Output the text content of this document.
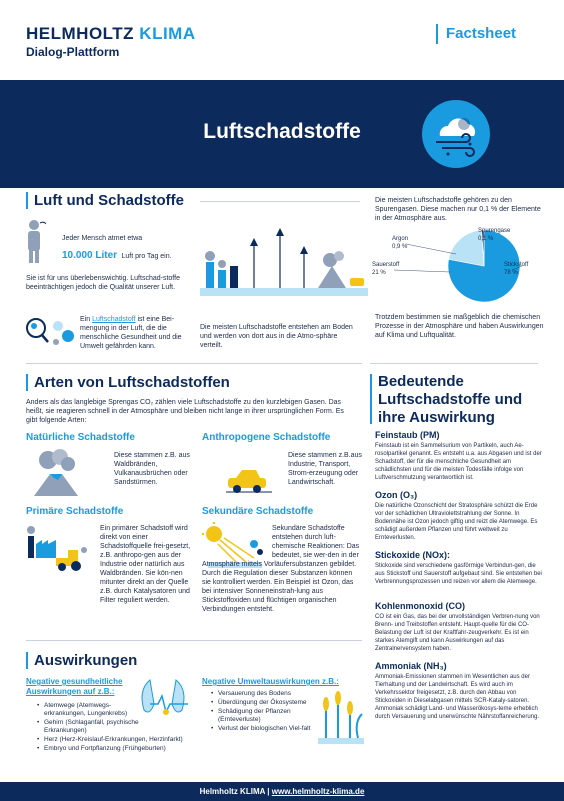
HELMHOLTZ KLIMA
Dialog-Plattform
Factsheet
Luftschadstoffe
Luft und Schadstoffe
Jeder Mensch atmet etwa
10.000 Liter Luft pro Tag ein.
Sie ist für uns überlebenswichtig. Luftschad-stoffe beeinträchtigen jedoch die Qualität unserer Luft.
Ein Luftschadstoff ist eine Bei-mengung in der Luft, die die menschliche Gesundheit und die Umwelt gefährden kann.
Die meisten Luftschadstoffe entstehen am Boden und werden von dort aus in die Atmo-sphäre verteilt.
Die meisten Luftschadstoffe gehören zu den Spurengasen. Diese machen nur 0,1 % der Elemente in der Atmosphäre aus.
Stickstoff
78 %
Sauerstoff
21 %
Argon
0,9 %
Spurengase
0,1 %
Trotzdem bestimmen sie maßgeblich die chemischen Prozesse in der Atmosphäre und haben Auswirkungen auf Klima und Luftqualität.
Arten von Luftschadstoffen
Anders als das langlebige Sprengas CO₂ zählen viele Luftschadstoffe zu den kurzlebigen Gasen. Das heißt, sie reagieren schnell in der Atmosphäre und bleiben nicht lange in ihrer ursprünglichen Form. Es gibt folgende Arten:
Natürliche Schadstoffe
Diese stammen z.B. aus Waldbränden, Vulkanausbrüchen oder Sandstürmen.
Anthropogene Schadstoffe
Diese stammen z.B.aus Industrie, Transport, Strom-erzeugung oder Landwirtschaft.
Primäre Schadstoffe
Ein primärer Schadstoff wird direkt von einer Schadstoffquelle frei-gesetzt, z.B. anthropo-gen aus der Industrie oder natürlich aus Waldbränden. Sie kön-nen mitunter direkt an der Quelle z.B. durch Katalysatoren und Filter reguliert werden.
Sekundäre Schadstoffe
Sekundäre Schadstoffe entstehen durch luft-chemische Reaktionen: Das bedeutet, sie wer-den in der
Atmosphäre mittels Vorläufersubstanzen gebildet. Durch die Regulation dieser Substanzen können sie kontrolliert werden. Ein Beispiel ist Ozon, das bei intensiver Sonneneinstrah-lung aus Stickstoffoxiden und flüchtigen organischen Verbindungen entsteht.
Auswirkungen
Negative gesundheitliche
Auswirkungen auf z.B.:
• Atemwege (Atemwegs-erkrankungen, Lungenkrebs)
• Gehirn (Schlaganfall, psychische Erkrankungen)
• Herz (Herz-Kreislauf-Erkrankungen, Herzinfarkt)
• Embryo und Fortpflanzung (Frühgeburten)
Negative Umweltauswirkungen z.B.:
• Versauerung des Bodens
• Überdüngung der Ökosysteme
• Schädigung der Pflanzen (Ernteverluste)
• Verlust der biologischen Viel-falt
Bedeutende Luftschadstoffe und ihre Auswirkung
Feinstaub (PM)
Feinstaub ist ein Sammelsurium von Partikeln, auch Ae-rosolpartikel genannt. Es entsteht u.a. aus Abgasen und ist der Schadstoff, der für die menschliche Gesundheit am schädlichsten und für die meisten Todesfälle infolge von Luftverschmutzung verantwortlich ist.
Ozon (O₃)
Die natürliche Ozonschicht der Stratosphäre schützt die Erde vor der schädlichen Ultraviolettstrahlung der Sonne. In Bodennähe ist Ozon jedoch giftig und reizt die Atemwege. Es schädigt außerdem Pflanzen und führt weltweit zu Ernteverlusten.
Stickoxide (NOx):
Stickoxide sind verschiedene gasförmige Verbindun-gen, die aus Stickstoff und Sauerstoff aufgebaut sind. Sie entstehen bei Verbrennungsprozessen und reizen vor allem die Atemwege.
Kohlenmonoxid (CO)
CO ist ein Gas, das bei der unvollständigen Verbren-nung von Brenn- und Treibstoffen entsteht. Haupt-quelle für die CO-Belastung der Luft ist der Kraftfahr-zeugverkehr. Es ist ein starkes Atemgift und kann Auswirkungen auf das Zentralnervensystem haben.
Ammoniak (NH₃)
Ammoniak-Emissionen stammen im Wesentlichen aus der Tierhaltung und der Landwirtschaft. Es wird auch im Verkehrssektor freigesetzt, z.B. durch den Abbau von Stickoxiden in Dieselabgasen mittels SCR-Kataly-satoren. Ammoniak schädigt Land- und Wasserökosys-teme erheblich durch Versauerung und unerwünschte Nährstoffanreicherung.
Helmholtz KLIMA | www.helmholtz-klima.de
